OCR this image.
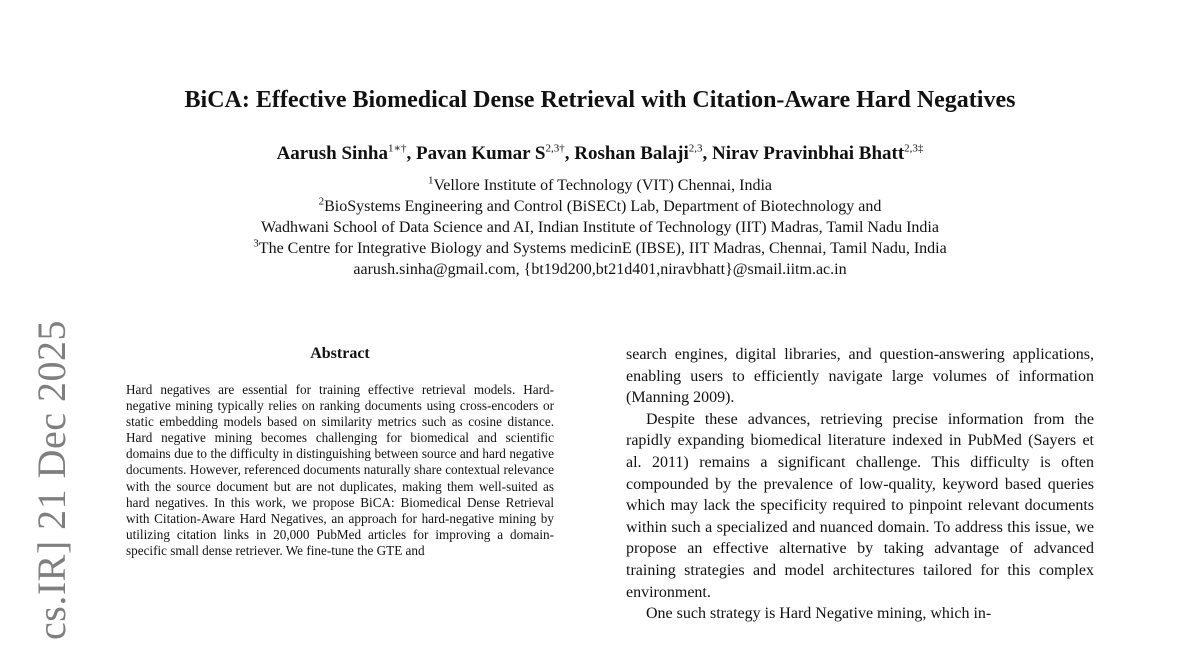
cs.IR] 21 Dec 2025
BiCA: Effective Biomedical Dense Retrieval with Citation-Aware Hard Negatives
Aarush Sinha$^{1∗\dagger}$, Pavan Kumar $S^{2,3\dagger}$, Roshan Balaji$^{2,3}$, Nirav Pravinbhai Bhatt$^{2,3\ddagger}$
$^1$Vellore Institute of Technology (VIT) Chennai, India
$^2$BioSystems Engineering and Control (BiSECt) Lab, Department of Biotechnology and
Wadhwani School of Data Science and AI, Indian Institute of Technology (IIT) Madras, Tamil Nadu India
$^3$The Centre for Integrative Biology and Systems medicinE (IBSE), IIT Madras, Chennai, Tamil Nadu, India
aarush.sinha@gmail.com, {bt19d200,bt21d401,niravbhatt}@smail.iitm.ac.in
Abstract

Hard negatives are essential for training effective retrieval models. Hard-negative mining typically relies on ranking documents using cross-encoders or static embedding models based on similarity metrics such as cosine distance. Hard negative mining becomes challenging for biomedical and scientific domains due to the difficulty in distinguishing between source and hard negative documents. However, referenced documents naturally share contextual relevance with the source document but are not duplicates, making them well-suited as hard negatives. In this work, we propose BiCA: Biomedical Dense Retrieval with Citation-Aware Hard Negatives, an approach for hard-negative mining by utilizing citation links in 20,000 PubMed articles for improving a domain-specific small dense retriever. We fine-tune the GTE and

search engines, digital libraries, and question-answering applications, enabling users to efficiently navigate large volumes of information (Manning 2009).

Despite these advances, retrieving precise information from the rapidly expanding biomedical literature indexed in PubMed (Sayers et al. 2011) remains a significant challenge. This difficulty is often compounded by the prevalence of low-quality, keyword based queries which may lack the specificity required to pinpoint relevant documents within such a specialized and nuanced domain. To address this issue, we propose an effective alternative by taking advantage of advanced training strategies and model architectures tailored for this complex environment.

One such strategy is Hard Negative mining, which in-
